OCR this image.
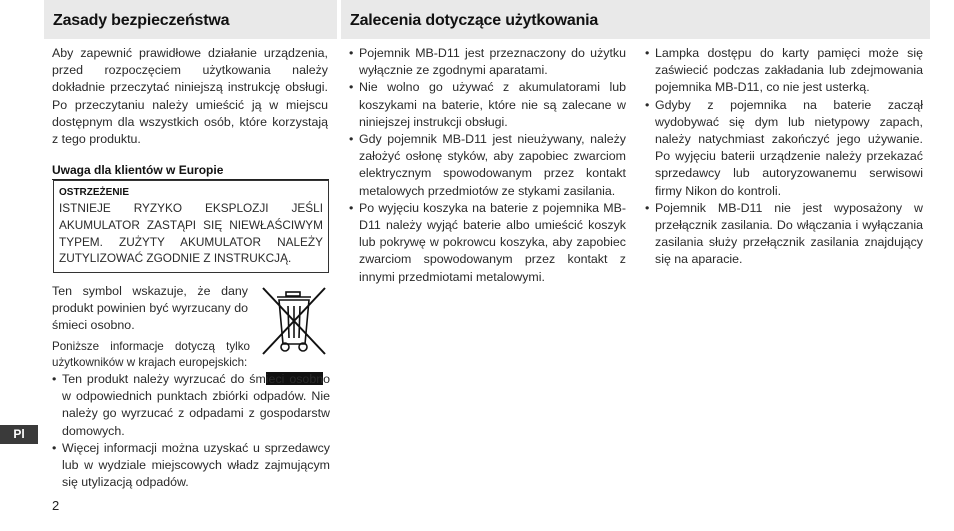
Zasady bezpieczeństwa	Zalecenia dotyczące użytkowania
Aby zapewnić prawidłowe działanie urządzenia, przed rozpoczęciem użytkowania należy dokładnie przeczytać niniejszą instrukcję obsługi. Po przeczytaniu należy umieścić ją w miejscu dostępnym dla wszystkich osób, które korzystają z tego produktu.
Uwaga dla klientów w Europie
OSTRZEŻENIE
ISTNIEJE RYZYKO EKSPLOZJI JEŚLI AKUMULATOR ZASTĄPI SIĘ NIEWŁAŚCIWYM TYPEM. ZUŻYTY AKUMULATOR NALEŻY ZUTYLIZOWAĆ ZGODNIE Z INSTRUKCJĄ.
Ten symbol wskazuje, że dany produkt powinien być wyrzucany do śmieci osobno.
Poniższe informacje dotyczą tylko użytkowników w krajach europejskich:
• Ten produkt należy wyrzucać do śmieci osobno w odpowiednich punktach zbiórki odpadów. Nie należy go wyrzucać z odpadami z gospodarstw domowych.
• Więcej informacji można uzyskać u sprzedawcy lub w wydziale miejscowych władz zajmującym się utylizacją odpadów.
• Pojemnik MB-D11 jest przeznaczony do użytku wyłącznie ze zgodnymi aparatami.
• Nie wolno go używać z akumulatorami lub koszykami na baterie, które nie są zalecane w niniejszej instrukcji obsługi.
• Gdy pojemnik MB-D11 jest nieużywany, należy założyć osłonę styków, aby zapobiec zwarciom elektrycznym spowodowanym przez kontakt metalowych przedmiotów ze stykami zasilania.
• Po wyjęciu koszyka na baterie z pojemnika MB-D11 należy wyjąć baterie albo umieścić koszyk lub pokrywę w pokrowcu koszyka, aby zapobiec zwarciom spowodowanym przez kontakt z innymi przedmiotami metalowymi.
• Lampka dostępu do karty pamięci może się zaświecić podczas zakładania lub zdejmowania pojemnika MB-D11, co nie jest usterką.
• Gdyby z pojemnika na baterie zaczął wydobywać się dym lub nietypowy zapach, należy natychmiast zakończyć jego używanie. Po wyjęciu baterii urządzenie należy przekazać sprzedawcy lub autoryzowanemu serwisowi firmy Nikon do kontroli.
• Pojemnik MB-D11 nie jest wyposażony w przełącznik zasilania. Do włączania i wyłączania zasilania służy przełącznik zasilania znajdujący się na aparacie.
Pl
2
